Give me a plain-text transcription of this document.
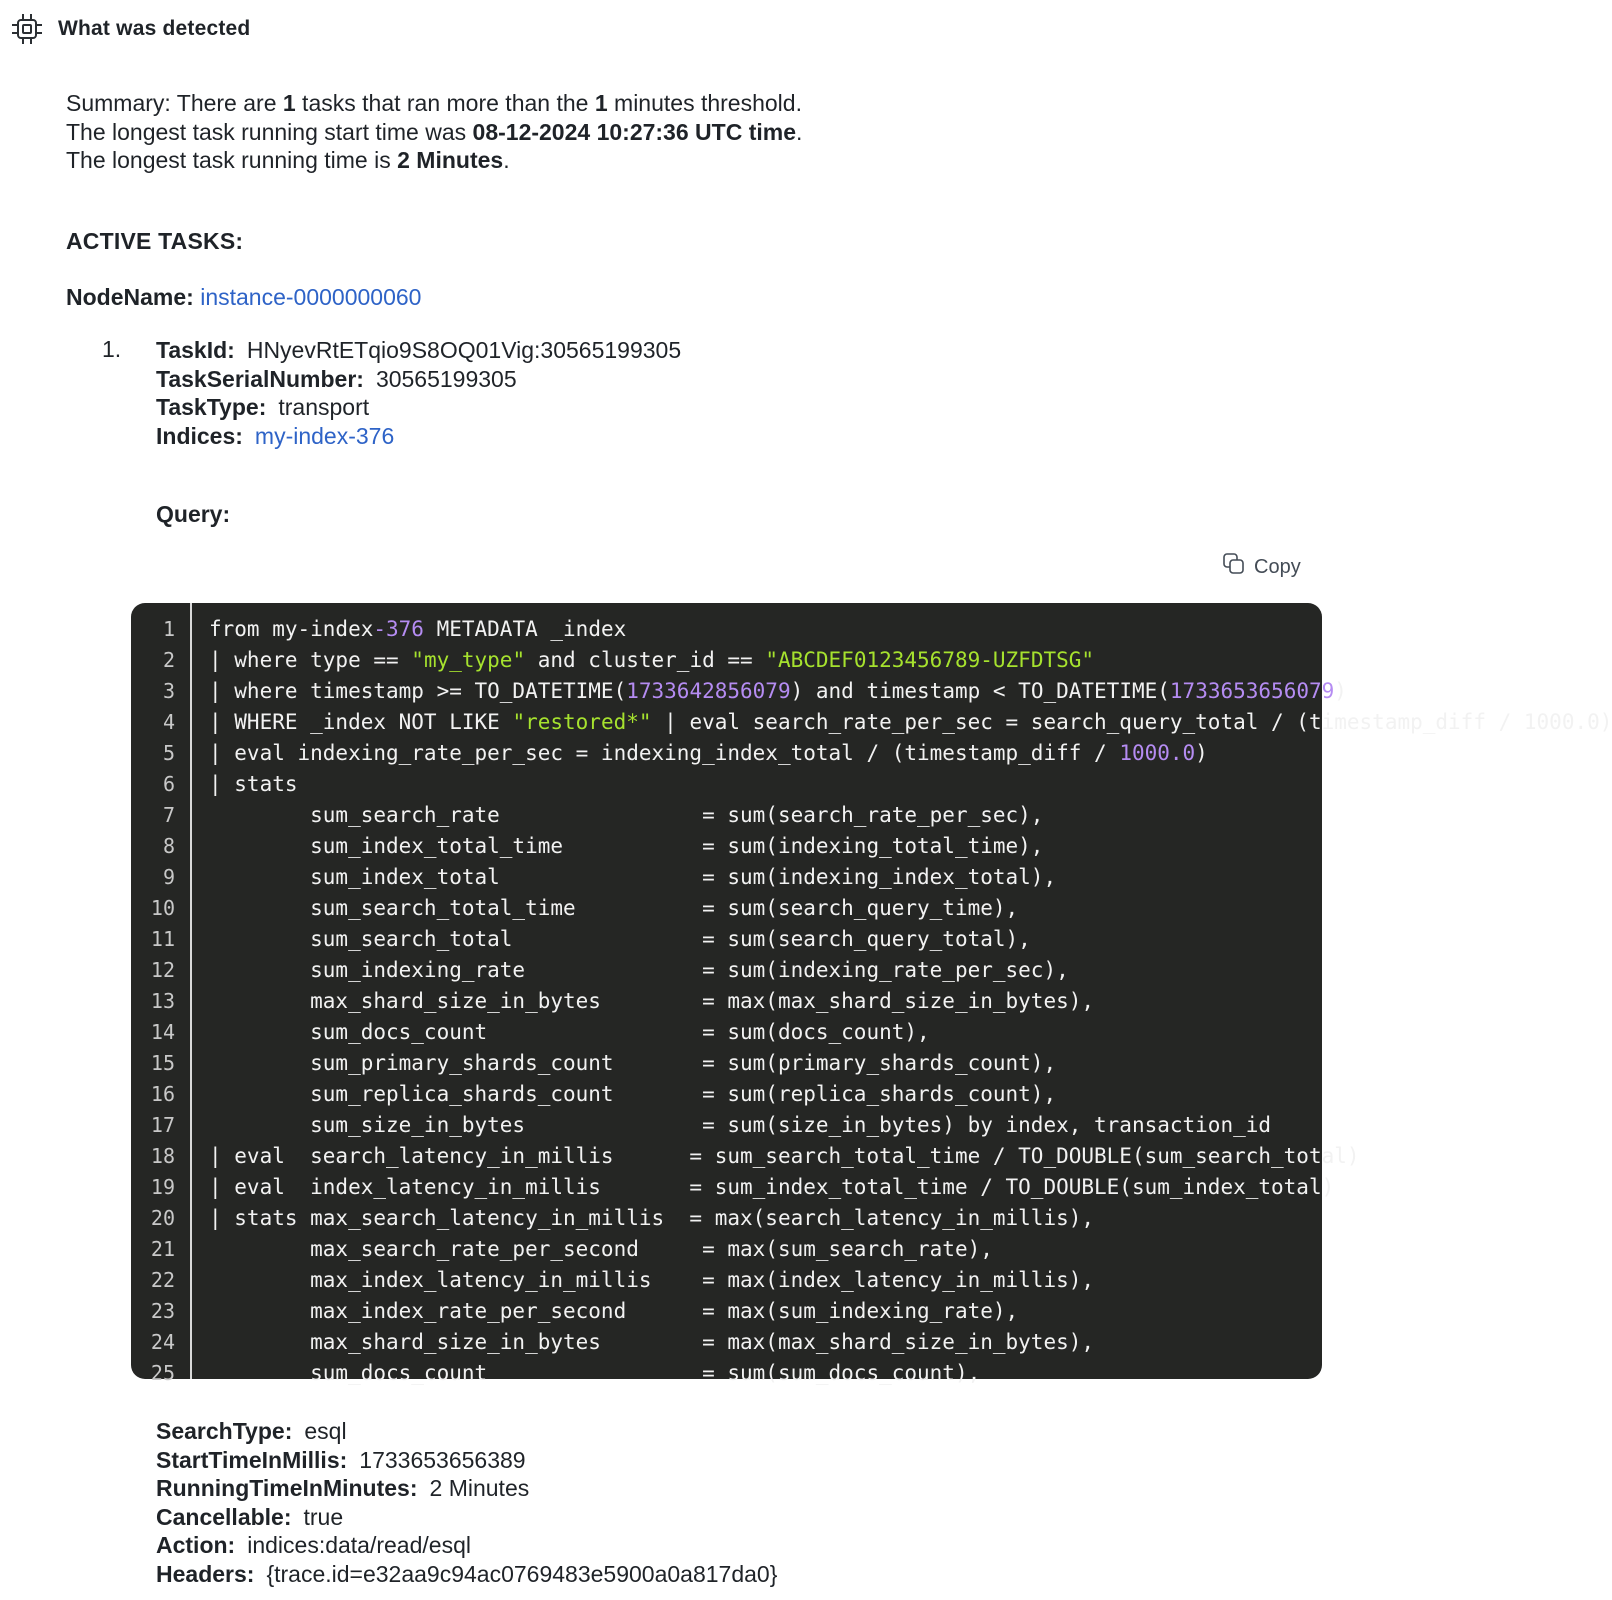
What was detected
Summary: There are 1 tasks that ran more than the 1 minutes threshold.
The longest task running start time was 08-12-2024 10:27:36 UTC time.
The longest task running time is 2 Minutes.
ACTIVE TASKS:
NodeName: instance-0000000060
1. TaskId: HNyevRtETqio9S8OQ01Vig:30565199305
TaskSerialNumber: 30565199305
TaskType: transport
Indices: my-index-376
Query:
Copy
1	from my-index-376 METADATA _index
2	| where type == "my_type" and cluster_id == "ABCDEF0123456789-UZFDTSG"
3	| where timestamp >= TO_DATETIME(1733642856079) and timestamp < TO_DATETIME(1733653656079)
4	| WHERE _index NOT LIKE "restored*" | eval search_rate_per_sec = search_query_total / (timestamp_diff / 1000.0)
5	| eval indexing_rate_per_sec = indexing_index_total / (timestamp_diff / 1000.0)
6	| stats
7	sum_search_rate                = sum(search_rate_per_sec),
8	sum_index_total_time           = sum(indexing_total_time),
9	sum_index_total                = sum(indexing_index_total),
10	sum_search_total_time          = sum(search_query_time),
11	sum_search_total               = sum(search_query_total),
12	sum_indexing_rate              = sum(indexing_rate_per_sec),
13	max_shard_size_in_bytes        = max(max_shard_size_in_bytes),
14	sum_docs_count                 = sum(docs_count),
15	sum_primary_shards_count       = sum(primary_shards_count),
16	sum_replica_shards_count       = sum(replica_shards_count),
17	sum_size_in_bytes              = sum(size_in_bytes) by index, transaction_id
18	| eval  search_latency_in_millis      = sum_search_total_time / TO_DOUBLE(sum_search_total)
19	| eval  index_latency_in_millis       = sum_index_total_time / TO_DOUBLE(sum_index_total)
20	| stats max_search_latency_in_millis  = max(search_latency_in_millis),
21	max_search_rate_per_second     = max(sum_search_rate),
22	max_index_latency_in_millis    = max(index_latency_in_millis),
23	max_index_rate_per_second      = max(sum_indexing_rate),
24	max_shard_size_in_bytes        = max(max_shard_size_in_bytes),
25	sum_docs_count                 = sum(sum_docs_count),
SearchType: esql
StartTimeInMillis: 1733653656389
RunningTimeInMinutes: 2 Minutes
Cancellable: true
Action: indices:data/read/esql
Headers: {trace.id=e32aa9c94ac0769483e5900a0a817da0}
